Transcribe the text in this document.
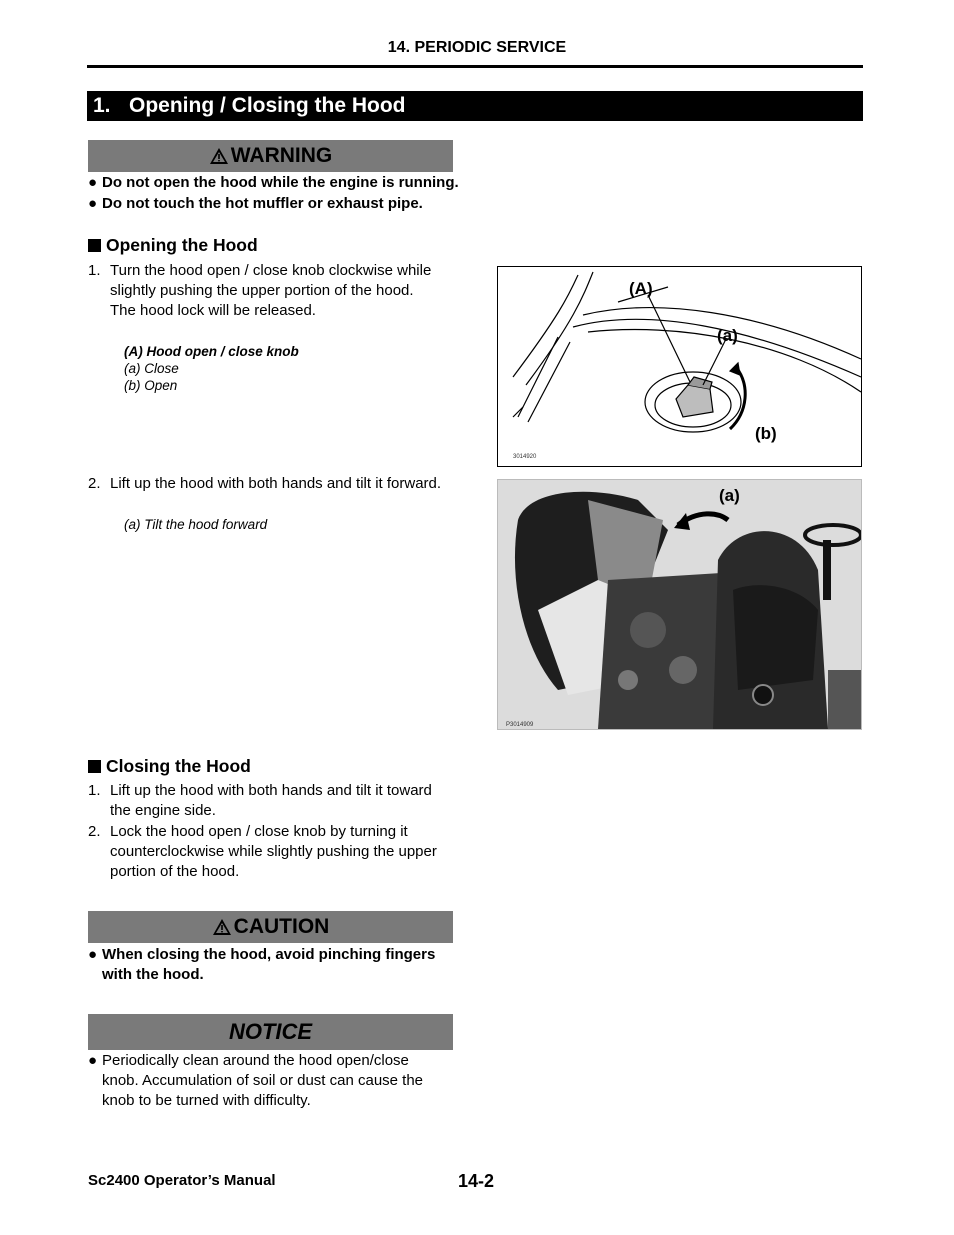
14. PERIODIC SERVICE
1. Opening / Closing the Hood
WARNING
● Do not open the hood while the engine is running.
● Do not touch the hot muffler or exhaust pipe.
Opening the Hood
1. Turn the hood open / close knob clockwise while
slightly pushing the upper portion of the hood.
The hood lock will be released.
(A) Hood open / close knob
(a) Close
(b) Open
2. Lift up the hood with both hands and tilt it forward.
(a) Tilt the hood forward
(A)
(a)
(b)
3014920
(a)
P3014909
Closing the Hood
1. Lift up the hood with both hands and tilt it toward
the engine side.
2. Lock the hood open / close knob by turning it
counterclockwise while slightly pushing the upper
portion of the hood.
CAUTION
● When closing the hood, avoid pinching fingers
with the hood.
NOTICE
● Periodically clean around the hood open/close
knob. Accumulation of soil or dust can cause the
knob to be turned with difficulty.
Sc2400 Operator’s Manual	14-2
